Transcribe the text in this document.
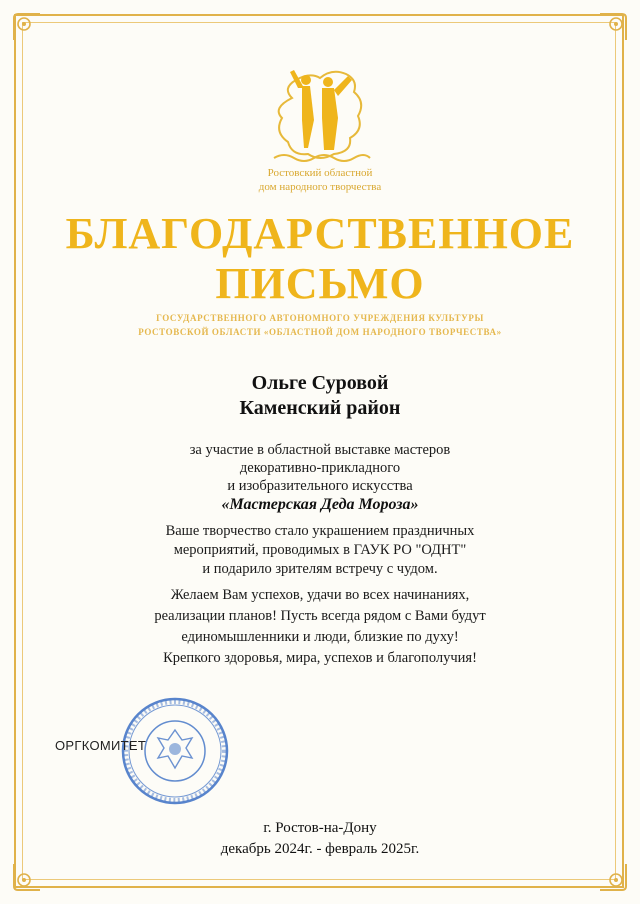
Ростовский областной
дом народного творчества
БЛАГОДАРСТВЕННОЕ
ПИСЬМО
ГОСУДАРСТВЕННОГО АВТОНОМНОГО УЧРЕЖДЕНИЯ КУЛЬТУРЫ
РОСТОВСКОЙ ОБЛАСТИ «ОБЛАСТНОЙ ДОМ НАРОДНОГО ТВОРЧЕСТВА»
Ольге Суровой
Каменский район
за участие в областной выставке мастеров
декоративно-прикладного
и изобразительного искусства
«Мастерская Деда Мороза»
Ваше творчество стало украшением праздничных
мероприятий, проводимых в ГАУК РО "ОДНТ"
и подарило зрителям встречу с чудом.
Желаем Вам успехов, удачи во всех начинаниях,
реализации планов! Пусть всегда рядом с Вами будут
единомышленники и люди, близкие по духу!
Крепкого здоровья, мира, успехов и благополучия!
ОРГКОМИТЕТ
г. Ростов-на-Дону
декабрь 2024г. - февраль 2025г.
